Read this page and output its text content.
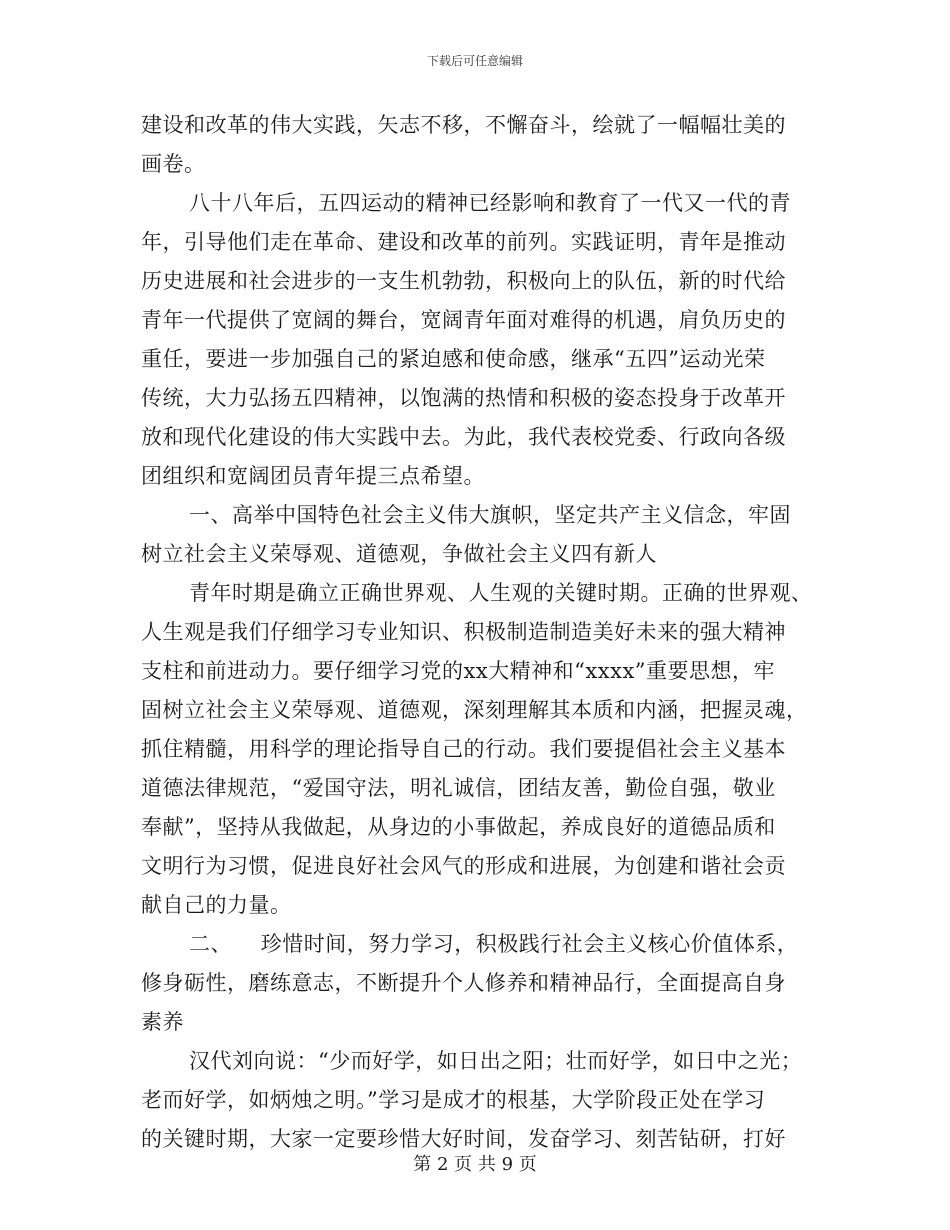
下载后可任意编辑
建设和改革的伟大实践，矢志不移，不懈奋斗，绘就了一幅幅壮美的
画卷。
八十八年后，五四运动的精神已经影响和教育了一代又一代的青
年，引导他们走在革命、建设和改革的前列。实践证明，青年是推动
历史进展和社会进步的一支生机勃勃，积极向上的队伍，新的时代给
青年一代提供了宽阔的舞台，宽阔青年面对难得的机遇，肩负历史的
重任，要进一步加强自己的紧迫感和使命感，继承“五四”运动光荣
传统，大力弘扬五四精神，以饱满的热情和积极的姿态投身于改革开
放和现代化建设的伟大实践中去。为此，我代表校党委、行政向各级
团组织和宽阔团员青年提三点希望。
一、高举中国特色社会主义伟大旗帜，坚定共产主义信念，牢固
树立社会主义荣辱观、道德观，争做社会主义四有新人
青年时期是确立正确世界观、人生观的关键时期。正确的世界观、
人生观是我们仔细学习专业知识、积极制造制造美好未来的强大精神
支柱和前进动力。要仔细学习党的xx大精神和“xxxx”重要思想，牢
固树立社会主义荣辱观、道德观，深刻理解其本质和内涵，把握灵魂，
抓住精髓，用科学的理论指导自己的行动。我们要提倡社会主义基本
道德法律规范，“爱国守法，明礼诚信，团结友善，勤俭自强，敬业
奉献”，坚持从我做起，从身边的小事做起，养成良好的道德品质和
文明行为习惯，促进良好社会风气的形成和进展，为创建和谐社会贡
献自己的力量。
二、    珍惜时间，努力学习，积极践行社会主义核心价值体系，
修身砺性，磨练意志，不断提升个人修养和精神品行，全面提高自身
素养
汉代刘向说：“少而好学，如日出之阳；壮而好学，如日中之光；
老而好学，如炳烛之明。”学习是成才的根基，大学阶段正处在学习
的关键时期，大家一定要珍惜大好时间，发奋学习、刻苦钻研，打好
第 2 页 共 9 页
